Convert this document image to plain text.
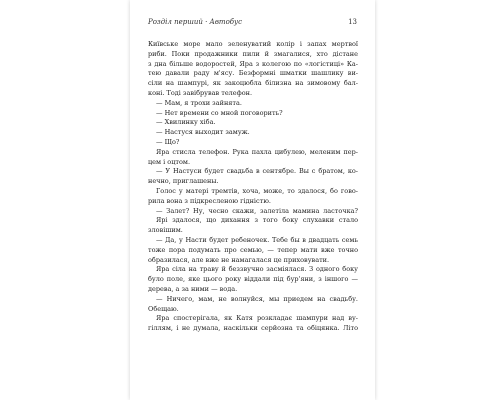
Розділ перший · Автобус	13
Київське море мало зеленуватий колір і запах мертвої
риби. Поки продажники пили й змагалися, хто дістане
з дна більше водоростей, Яра з колегою по «логістиці» Ка-
тею давали раду м'ясу. Безформні шматки шашлику ви-
сіли на шампурі, як закоцюбла білизна на зимовому бал-
коні. Тоді завібрував телефон.
— Мам, я трохи зайнята.
— Нет времени со мной поговорить?
— Хвилинку хіба.
— Настуся выходит замуж.
— Що?
Яра стисла телефон. Рука пахла цибулею, меленим пер-
цем і оцтом.
— У Настуси будет свадьба в сентябре. Вы с братом, ко-
нечно, приглашены.
Голос у матері тремтів, хоча, може, то здалося, бо гово-
рила вона з підкресленою гідністю.
— Залет? Ну, чесно скажи, залетіла мамина ласточка?
Ярі здалося, що дихання з того боку слухавки стало
зловішим.
— Да, у Насти будет ребеночек. Тебе бы в двадцать семь
тоже пора подумать про семью, — тепер мати вже точно
образилася, але вже не намагалася це приховувати.
Яра сіла на траву й беззвучно засміялася. З одного боку
було поле, яке цього року віддали під бур'яни, з іншого —
дерева, а за ними — вода.
— Ничего, мам, не волнуйся, мы приедем на свадьбу.
Обещаю.
Яра спостерігала, як Катя розкладає шампури над ву-
гіллям, і не думала, наскільки серйозна та обіцянка. Літо
